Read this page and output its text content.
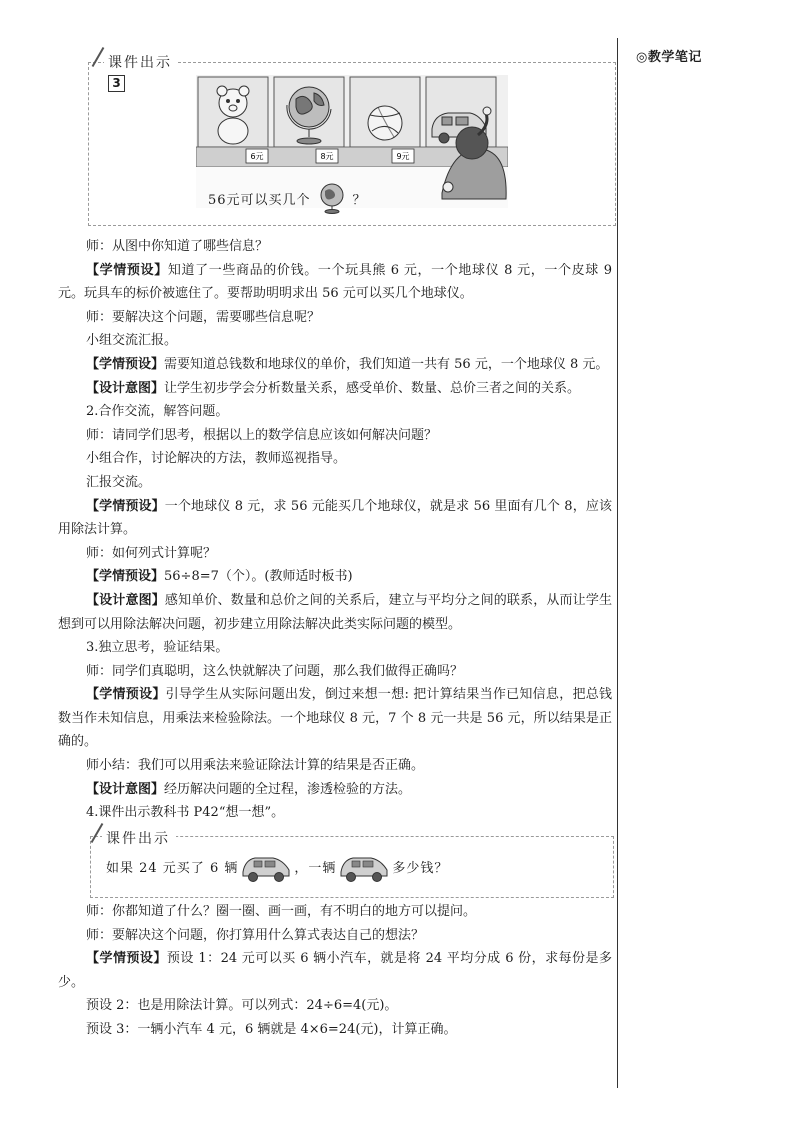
◎教学笔记
课件出示
3
6元	8元	9元
56元可以买几个	？

师：从图中你知道了哪些信息？

【学情预设】知道了一些商品的价钱。一个玩具熊 6 元，一个地球仪 8 元，一个皮球 9 元。玩具车的标价被遮住了。要帮助明明求出 56 元可以买几个地球仪。

师：要解决这个问题，需要哪些信息呢？

小组交流汇报。

【学情预设】需要知道总钱数和地球仪的单价，我们知道一共有 56 元，一个地球仪 8 元。

【设计意图】让学生初步学会分析数量关系，感受单价、数量、总价三者之间的关系。

2.合作交流，解答问题。

师：请同学们思考，根据以上的数学信息应该如何解决问题？

小组合作，讨论解决的方法，教师巡视指导。

汇报交流。

【学情预设】一个地球仪 8 元，求 56 元能买几个地球仪，就是求 56 里面有几个 8，应该用除法计算。

师：如何列式计算呢？

【学情预设】56÷8=7（个）。(教师适时板书)

【设计意图】感知单价、数量和总价之间的关系后，建立与平均分之间的联系，从而让学生想到可以用除法解决问题，初步建立用除法解决此类实际问题的模型。

3.独立思考，验证结果。

师：同学们真聪明，这么快就解决了问题，那么我们做得正确吗？

【学情预设】引导学生从实际问题出发，倒过来想一想: 把计算结果当作已知信息，把总钱数当作未知信息，用乘法来检验除法。一个地球仪 8 元，7 个 8 元一共是 56 元，所以结果是正确的。

师小结：我们可以用乘法来验证除法计算的结果是否正确。

【设计意图】经历解决问题的全过程，渗透检验的方法。

4.课件出示教科书 P42“想一想”。

课件出示
如果 24 元买了 6 辆	，一辆	多少钱？

师：你都知道了什么？圈一圈、画一画，有不明白的地方可以提问。

师：要解决这个问题，你打算用什么算式表达自己的想法？

【学情预设】预设 1：24 元可以买 6 辆小汽车，就是将 24 平均分成 6 份，求每份是多少。

预设 2：也是用除法计算。可以列式：24÷6=4(元)。

预设 3：一辆小汽车 4 元，6 辆就是 4×6=24(元)，计算正确。
